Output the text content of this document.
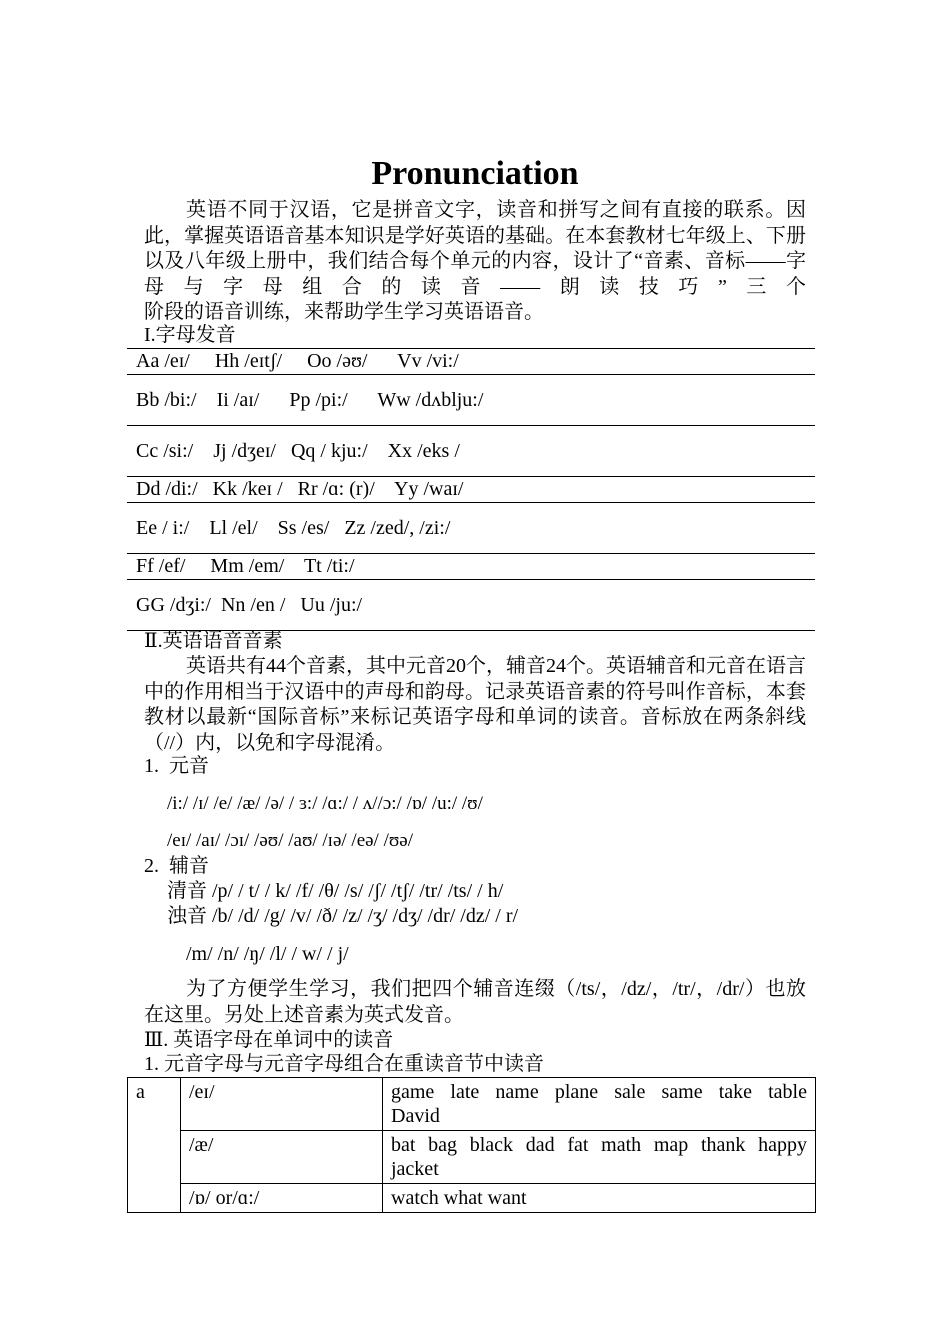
Pronunciation
英语不同于汉语，它是拼音文字，读音和拼写之间有直接的联系。因此，掌握英语语音基本知识是学好英语的基础。在本套教材七年级上、下册以及八年级上册中，我们结合每个单元的内容，设计了“音素、音标——字母与字母组合的读音——朗读技巧”三个
阶段的语音训练，来帮助学生学习英语语音。
I.字母发音
Aa /eɪ/     Hh /eɪtʃ/     Oo /əʊ/      Vv /vi:/
Bb /bi:/    Ii /aɪ/      Pp /pi:/      Ww /dʌblju:/
Cc /si:/    Jj /dʒeɪ/   Qq / kju:/    Xx /eks /
Dd /di:/   Kk /keɪ /   Rr /ɑ: (r)/    Yy /waɪ/
Ee / i:/    Ll /el/    Ss /es/   Zz /zed/, /zi:/
Ff /ef/     Mm /em/    Tt /ti:/
GG /dʒi:/  Nn /en /   Uu /ju:/
Ⅱ.英语语音音素
英语共有44个音素，其中元音20个，辅音24个。英语辅音和元音在语言中的作用相当于汉语中的声母和韵母。记录英语音素的符号叫作音标，本套教材以最新“国际音标”来标记英语字母和单词的读音。音标放在两条斜线（//）内，以免和字母混淆。
1.  元音
/i:/ /ɪ/ /e/ /æ/ /ə/ / ɜ:/ /ɑ:/ / ʌ//ɔ:/ /ɒ/ /u:/ /ʊ/
/eɪ/ /aɪ/ /ɔɪ/ /əʊ/ /aʊ/ /ɪə/ /eə/ /ʊə/
2.  辅音
清音 /p/ / t/ / k/ /f/ /θ/ /s/ /ʃ/ /tʃ/ /tr/ /ts/ / h/
浊音 /b/ /d/ /g/ /v/ /ð/ /z/ /ʒ/ /dʒ/ /dr/ /dz/ / r/
/m/ /n/ /ŋ/ /l/ / w/ / j/
为了方便学生学习，我们把四个辅音连缀（/ts/，/dz/，/tr/，/dr/）也放在这里。另处上述音素为英式发音。
Ⅲ. 英语字母在单词中的读音
1. 元音字母与元音字母组合在重读音节中读音
a	/eɪ/	game late name plane sale same take table
David

	/æ/	bat bag black dad fat math map thank happy
jacket

	/ɒ/ or/ɑ:/	watch what want
